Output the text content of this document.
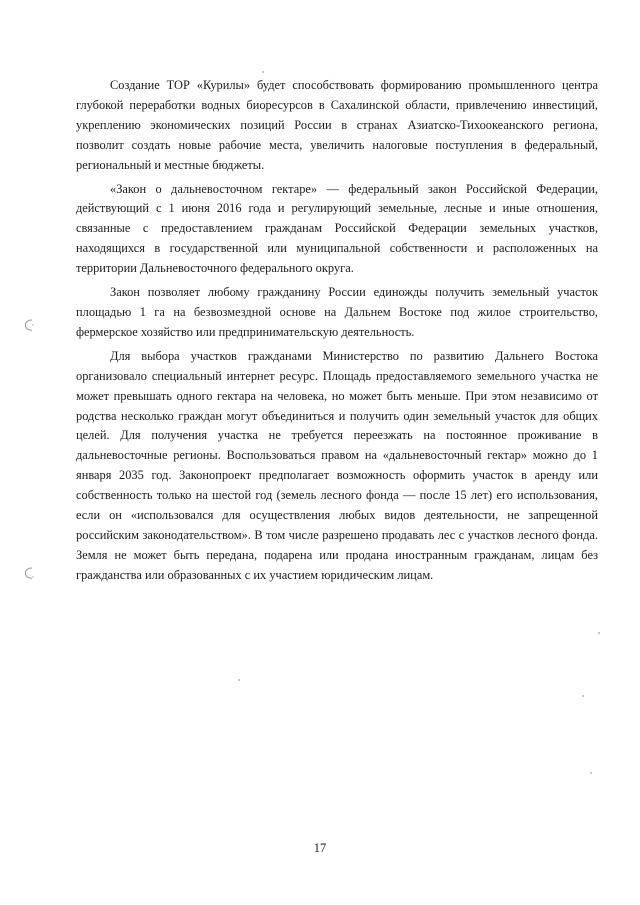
Создание ТОР «Курилы» будет способствовать формированию промышленного центра глубокой переработки водных биоресурсов в Сахалинской области, привлечению инвестиций, укреплению экономических позиций России в странах Азиатско-Тихоокеанского региона, позволит создать новые рабочие места, увеличить налоговые поступления в федеральный, региональный и местные бюджеты.

«Закон о дальневосточном гектаре» — федеральный закон Российской Федерации, действующий с 1 июня 2016 года и регулирующий земельные, лесные и иные отношения, связанные с предоставлением гражданам Российской Федерации земельных участков, находящихся в государственной или муниципальной собственности и расположенных на территории Дальневосточного федерального округа.

Закон позволяет любому гражданину России единожды получить земельный участок площадью 1 га на безвозмездной основе на Дальнем Востоке под жилое строительство, фермерское хозяйство или предпринимательскую деятельность.

Для выбора участков гражданами Министерство по развитию Дальнего Востока организовало специальный интернет ресурс. Площадь предоставляемого земельного участка не может превышать одного гектара на человека, но может быть меньше. При этом независимо от родства несколько граждан могут объединиться и получить один земельный участок для общих целей. Для получения участка не требуется переезжать на постоянное проживание в дальневосточные регионы. Воспользоваться правом на «дальневосточный гектар» можно до 1 января 2035 год. Законопроект предполагает возможность оформить участок в аренду или собственность только на шестой год (земель лесного фонда — после 15 лет) его использования, если он «использовался для осуществления любых видов деятельности, не запрещенной российским законодательством». В том числе разрешено продавать лес с участков лесного фонда. Земля не может быть передана, подарена или продана иностранным гражданам, лицам без гражданства или образованных с их участием юридическим лицам.

17
